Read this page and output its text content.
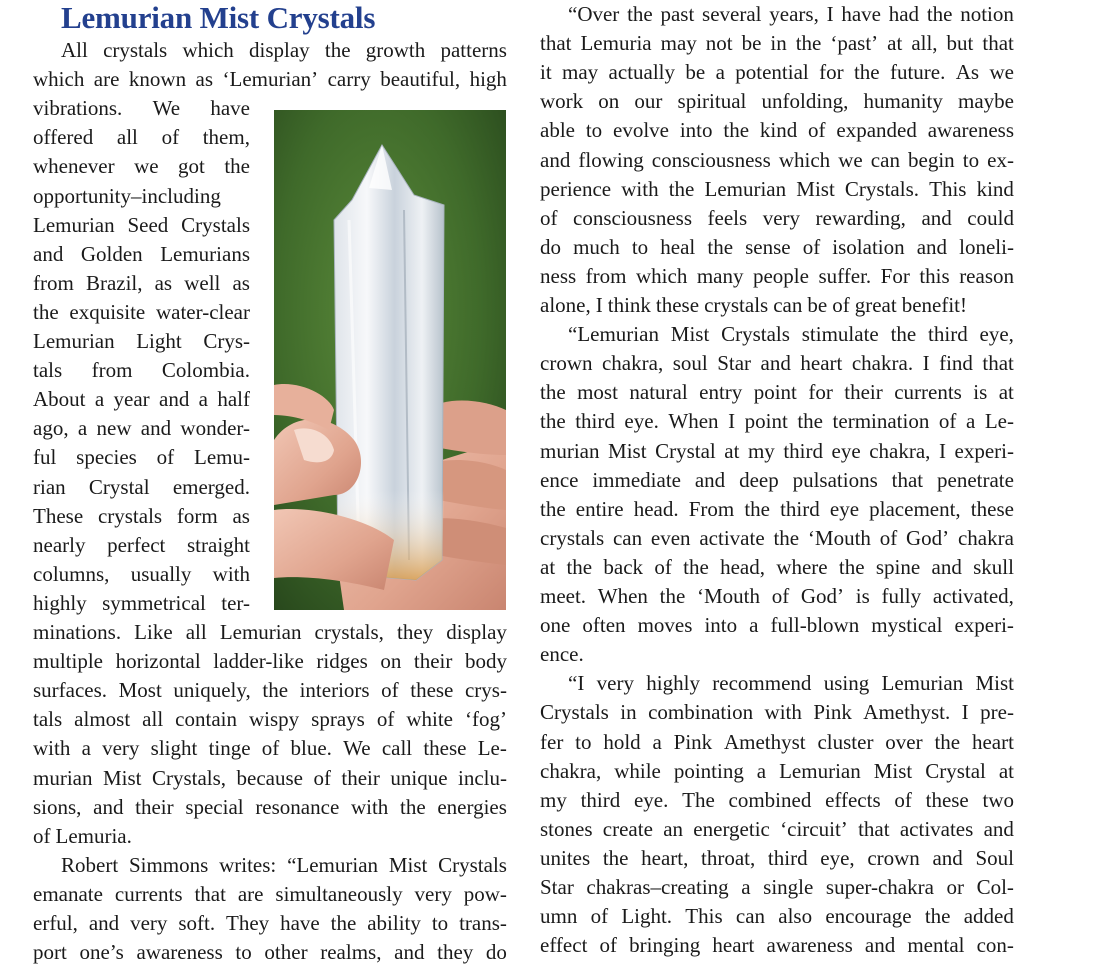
Lemurian Mist Crystals
All crystals which display the growth patterns
which are known as ‘Lemurian’ carry beautiful, high
vibrations. We have
offered all of them,
whenever we got the
opportunity–including
Lemurian Seed Crystals
and Golden Lemurians
from Brazil, as well as
the exquisite water-clear
Lemurian Light Crys-
tals from Colombia.
About a year and a half
ago, a new and wonder-
ful species of Lemu-
rian Crystal emerged.
These crystals form as
nearly perfect straight
columns, usually with
highly symmetrical ter-
minations. Like all Lemurian crystals, they display
multiple horizontal ladder-like ridges on their body
surfaces. Most uniquely, the interiors of these crys-
tals almost all contain wispy sprays of white ‘fog’
with a very slight tinge of blue. We call these Le-
murian Mist Crystals, because of their unique inclu-
sions, and their special resonance with the energies
of Lemuria.
Robert Simmons writes: “Lemurian Mist Crystals
emanate currents that are simultaneously very pow-
erful, and very soft. They have the ability to trans-
port one’s awareness to other realms, and they do
“Over the past several years, I have had the notion
that Lemuria may not be in the ‘past’ at all, but that
it may actually be a potential for the future. As we
work on our spiritual unfolding, humanity maybe
able to evolve into the kind of expanded awareness
and flowing consciousness which we can begin to ex-
perience with the Lemurian Mist Crystals. This kind
of consciousness feels very rewarding, and could
do much to heal the sense of isolation and loneli-
ness from which many people suffer. For this reason
alone, I think these crystals can be of great benefit!
“Lemurian Mist Crystals stimulate the third eye,
crown chakra, soul Star and heart chakra. I find that
the most natural entry point for their currents is at
the third eye. When I point the termination of a Le-
murian Mist Crystal at my third eye chakra, I experi-
ence immediate and deep pulsations that penetrate
the entire head. From the third eye placement, these
crystals can even activate the ‘Mouth of God’ chakra
at the back of the head, where the spine and skull
meet. When the ‘Mouth of God’ is fully activated,
one often moves into a full-blown mystical experi-
ence.
“I very highly recommend using Lemurian Mist
Crystals in combination with Pink Amethyst. I pre-
fer to hold a Pink Amethyst cluster over the heart
chakra, while pointing a Lemurian Mist Crystal at
my third eye. The combined effects of these two
stones create an energetic ‘circuit’ that activates and
unites the heart, throat, third eye, crown and Soul
Star chakras–creating a single super-chakra or Col-
umn of Light. This can also encourage the added
effect of bringing heart awareness and mental con-
